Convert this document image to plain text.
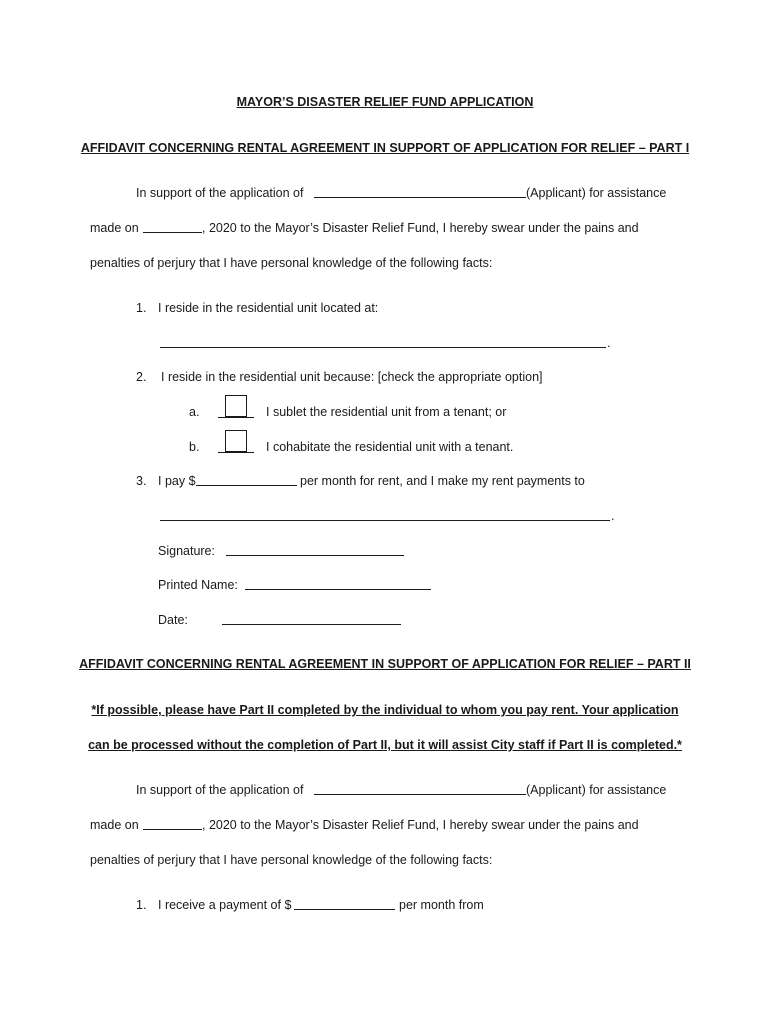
MAYOR’S DISASTER RELIEF FUND APPLICATION
AFFIDAVIT CONCERNING RENTAL AGREEMENT IN SUPPORT OF APPLICATION FOR RELIEF – PART I
In support of the application of	(Applicant) for assistance
made on	, 2020 to the Mayor’s Disaster Relief Fund, I hereby swear under the pains and
penalties of perjury that I have personal knowledge of the following facts:
1. I reside in the residential unit located at:
.
2. I reside in the residential unit because: [check the appropriate option]
a.	I sublet the residential unit from a tenant; or
b.	I cohabitate the residential unit with a tenant.
3. I pay $	per month for rent, and I make my rent payments to
.
Signature:
Printed Name:
Date:
AFFIDAVIT CONCERNING RENTAL AGREEMENT IN SUPPORT OF APPLICATION FOR RELIEF – PART II
*If possible, please have Part II completed by the individual to whom you pay rent. Your application
can be processed without the completion of Part II, but it will assist City staff if Part II is completed.*
In support of the application of	(Applicant) for assistance
made on	, 2020 to the Mayor’s Disaster Relief Fund, I hereby swear under the pains and
penalties of perjury that I have personal knowledge of the following facts:
1. I receive a payment of $	per month from
